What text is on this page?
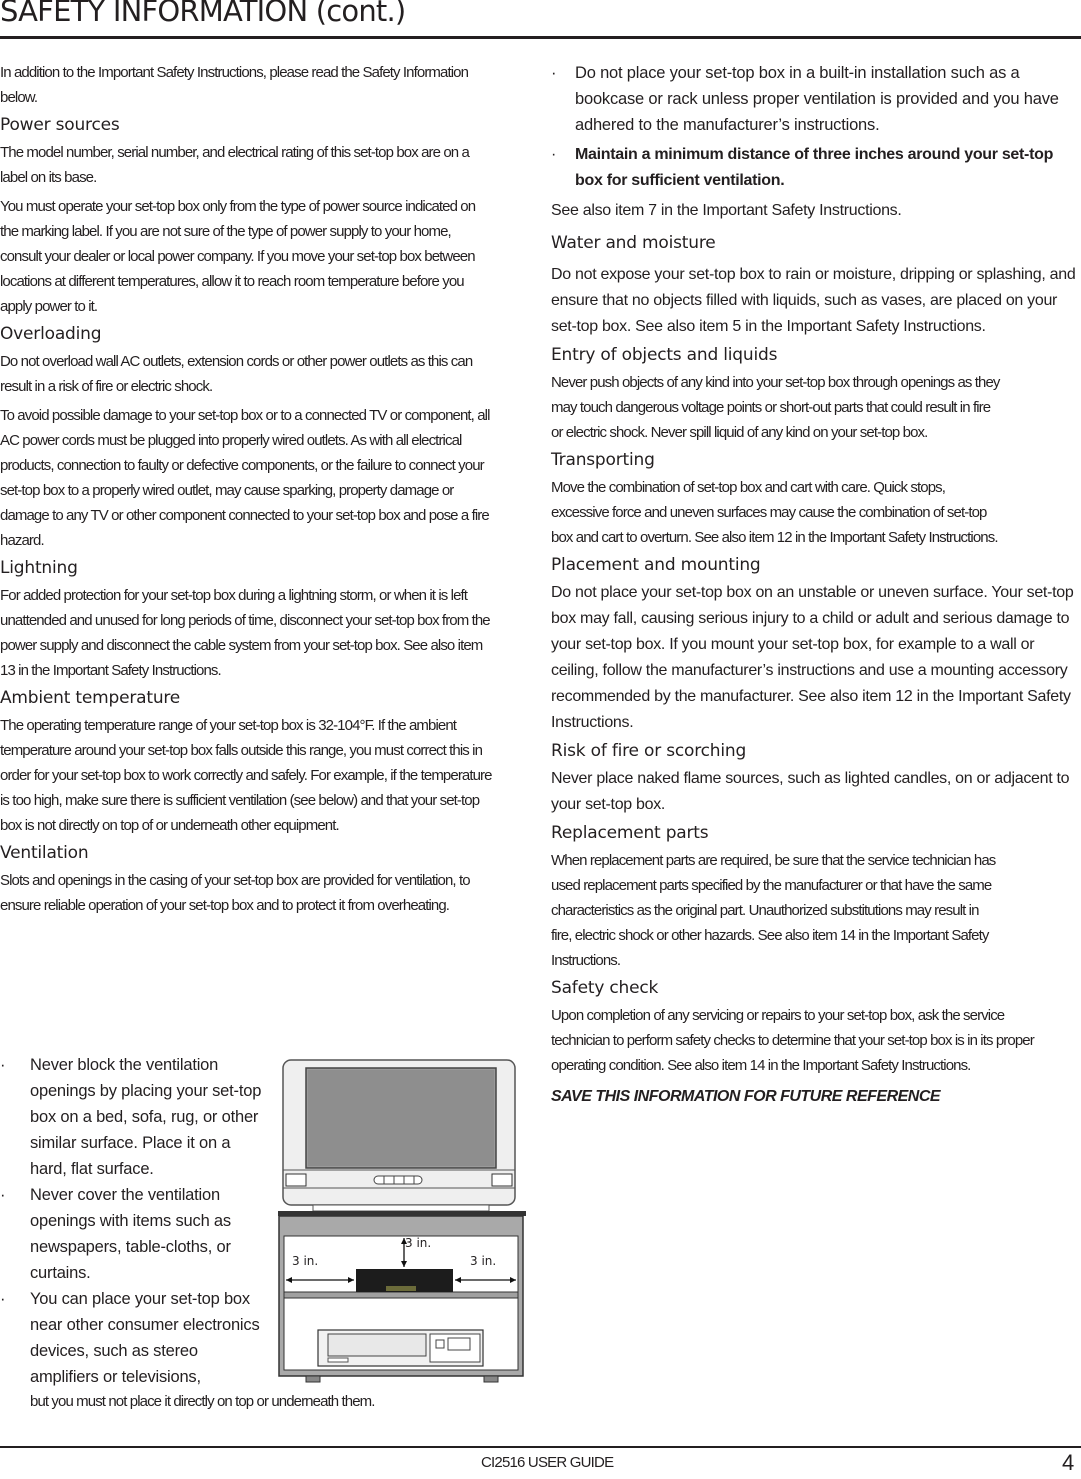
SAFETY INFORMATION (cont.)

In addition to the Important Safety Instructions, please read the Safety Information below.

Power sources

The model number, serial number, and electrical rating of this set-top box are on a label on its base.

You must operate your set-top box only from the type of power source indicated on the marking label. If you are not sure of the type of power supply to your home, consult your dealer or local power company. If you move your set-top box between locations at different temperatures, allow it to reach room temperature before you apply power to it.

Overloading

Do not overload wall AC outlets, extension cords or other power outlets as this can result in a risk of fire or electric shock.

To avoid possible damage to your set-top box or to a connected TV or component, all AC power cords must be plugged into properly wired outlets. As with all electrical products, connection to faulty or defective components, or the failure to connect your set-top box to a properly wired outlet, may cause sparking, property damage or damage to any TV or other component connected to your set-top box and pose a fire hazard.

Lightning

For added protection for your set-top box during a lightning storm, or when it is left unattended and unused for long periods of time, disconnect your set-top box from the power supply and disconnect the cable system from your set-top box. See also item 13 in the Important Safety Instructions.

Ambient temperature

The operating temperature range of your set-top box is 32-104°F. If the ambient temperature around your set-top box falls outside this range, you must correct this in order for your set-top box to work correctly and safely. For example, if the temperature is too high, make sure there is sufficient ventilation (see below) and that your set-top box is not directly on top of or underneath other equipment.

Ventilation

Slots and openings in the casing of your set-top box are provided for ventilation, to ensure reliable operation of your set-top box and to protect it from overheating.

· Never block the ventilation openings by placing your set-top box on a bed, sofa, rug, or other similar surface. Place it on a hard, flat surface.
· Never cover the ventilation openings with items such as newspapers, table-cloths, or curtains.
· You can place your set-top box near other consumer electronics devices, such as stereo amplifiers or televisions,
but you must not place it directly on top or underneath them.
3 in.
3 in.	3 in.
· Do not place your set-top box in a built-in installation such as a bookcase or rack unless proper ventilation is provided and you have adhered to the manufacturer’s instructions.
· Maintain a minimum distance of three inches around your set-top box for sufficient ventilation.

See also item 7 in the Important Safety Instructions.

Water and moisture

Do not expose your set-top box to rain or moisture, dripping or splashing, and ensure that no objects filled with liquids, such as vases, are placed on your set-top box. See also item 5 in the Important Safety Instructions.

Entry of objects and liquids

Never push objects of any kind into your set-top box through openings as they may touch dangerous voltage points or short-out parts that could result in fire or electric shock. Never spill liquid of any kind on your set-top box.

Transporting

Move the combination of set-top box and cart with care. Quick stops, excessive force and uneven surfaces may cause the combination of set-top box and cart to overturn. See also item 12 in the Important Safety Instructions.

Placement and mounting

Do not place your set-top box on an unstable or uneven surface. Your set-top box may fall, causing serious injury to a child or adult and serious damage to your set-top box. If you mount your set-top box, for example to a wall or ceiling, follow the manufacturer’s instructions and use a mounting accessory recommended by the manufacturer. See also item 12 in the Important Safety Instructions.

Risk of fire or scorching

Never place naked flame sources, such as lighted candles, on or adjacent to your set-top box.

Replacement parts

When replacement parts are required, be sure that the service technician has used replacement parts specified by the manufacturer or that have the same characteristics as the original part. Unauthorized substitutions may result in fire, electric shock or other hazards. See also item 14 in the Important Safety Instructions.

Safety check

Upon completion of any servicing or repairs to your set-top box, ask the service technician to perform safety checks to determine that your set-top box is in its proper operating condition. See also item 14 in the Important Safety Instructions.

SAVE THIS INFORMATION FOR FUTURE REFERENCE

CI2516 USER GUIDE	4
